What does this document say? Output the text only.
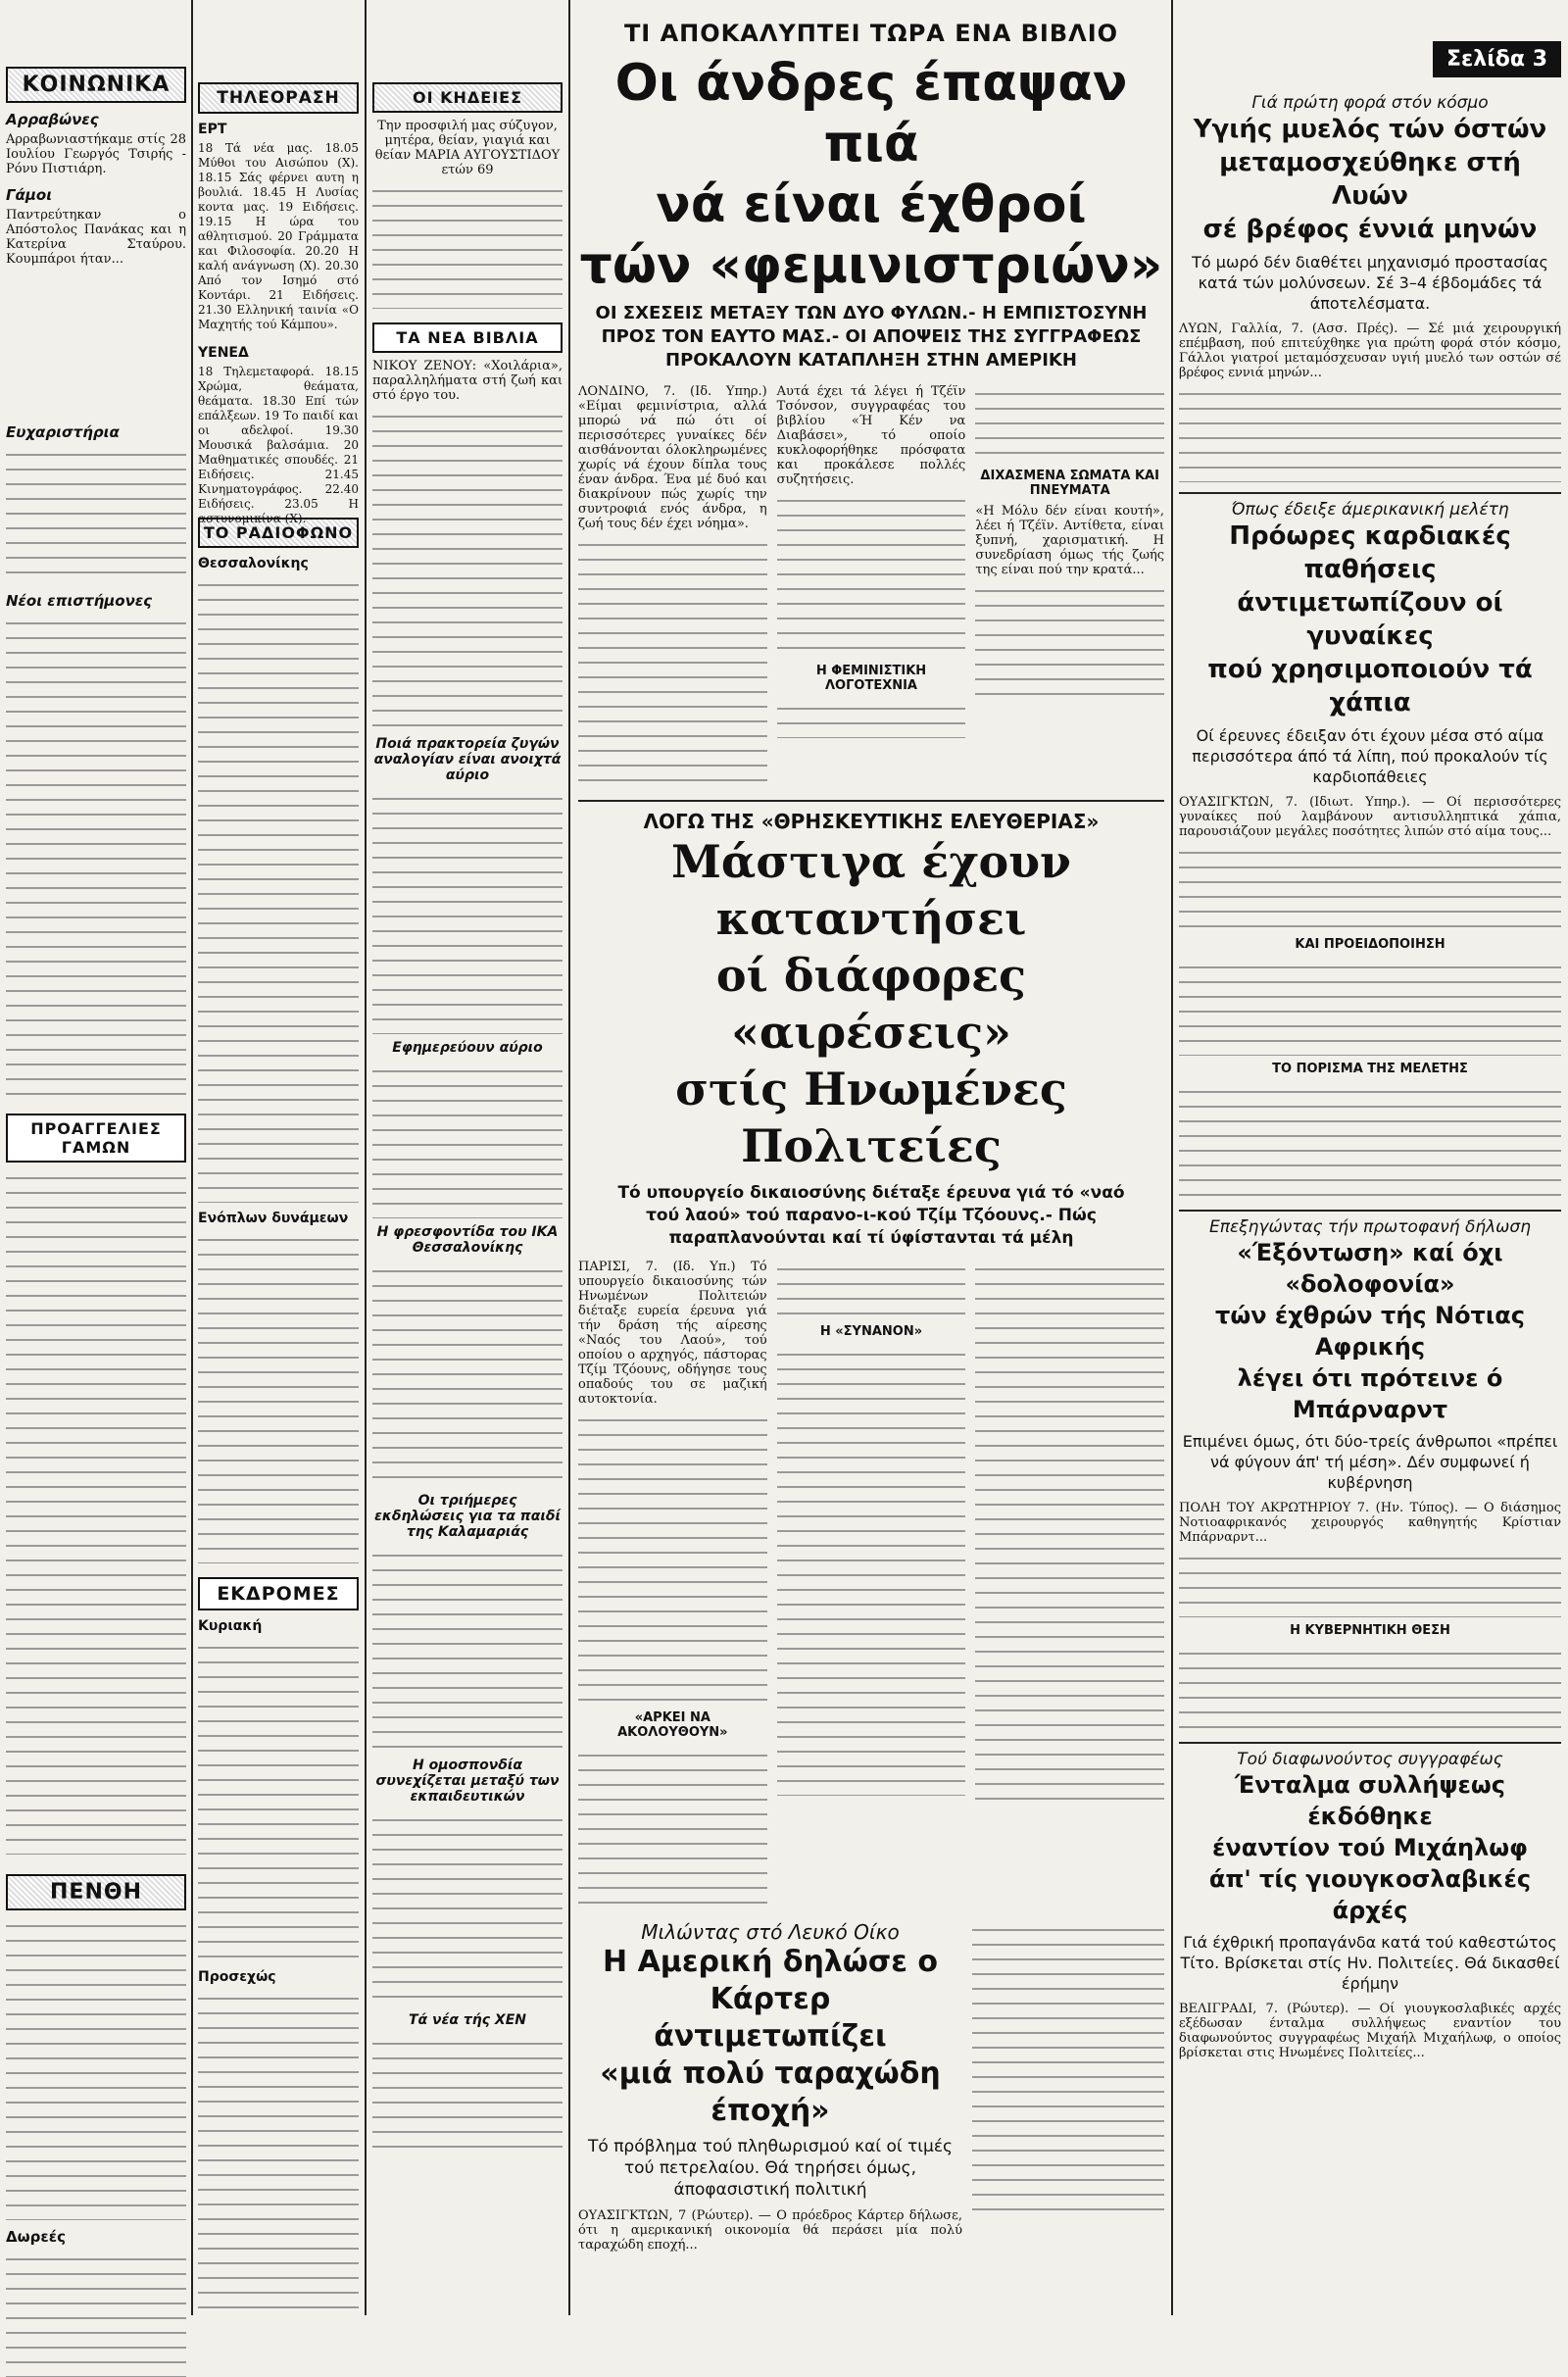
ΚΟΙΝΩΝΙΚΑ
Αρραβώνες
Αρραβωνιαστήκαμε στίς 28 Ιουλίου Γεωργός Τσιρής - Ρόνυ Πιστιάρη.
Γάμοι
Παντρεύτηκαν ο Απόστολος Πανάκας και η Κατερίνα Σταύρου. Κουμπάροι ήταν...
Ευχαριστήρια
Νέοι επιστήμονες
ΠΡΟΑΓΓΕΛΙΕΣ ΓΑΜΩΝ
ΠΕΝΘΗ
Δωρεές
ΤΗΛΕΟΡΑΣΗ
ΕΡΤ
18 Τά νέα μας. 18.05 Μύθοι του Αισώπου (Χ). 18.15 Σάς φέρνει αυτη η βουλιά. 18.45 Η Λυσίας κοντα μας. 19 Ειδήσεις. 19.15 Η ώρα του αθλητισμού. 20 Γράμματα και Φιλοσοφία. 20.20 Η καλή ανάγνωση (Χ). 20.30 Από τον Ισημό στό Κοντάρι. 21 Ειδήσεις. 21.30 Ελληνική ταινία «Ο Μαχητής τού Κάμπου».
ΥΕΝΕΔ
18 Τηλεμεταφορά. 18.15 Χρώμα, θεάματα, θεάματα. 18.30 Επί τών επάλξεων. 19 Το παιδί και οι αδελφοί. 19.30 Μουσικά βαλσάμια. 20 Μαθηματικές σπουδές. 21 Ειδήσεις. 21.45 Κινηματογράφος. 22.40 Ειδήσεις. 23.05 Η αστυνομικίνα (Χ).
ΤΟ ΡΑΔΙΟΦΩΝΟ
Θεσσαλονίκης
Ενόπλων δυνάμεων
ΕΚΔΡΟΜΕΣ
Κυριακή
Προσεχώς
ΟΙ ΚΗΔΕΙΕΣ
Την προσφιλή μας σύζυγον, μητέρα, θείαν, γιαγιά και θείαν ΜΑΡΙΑ ΑΥΓΟΥΣΤΙΔΟΥ ετών 69
ΤΑ ΝΕΑ ΒΙΒΛΙΑ
ΝΙΚΟΥ ΖΕΝΟΥ: «Χοιλάρια», παραλληλήματα στή ζωή και στό έργο του.
Ποιά πρακτορεία ζυγών αναλογίαν είναι ανοιχτά αύριο
Εφημερεύουν αύριο
Η φρεσφοντίδα του ΙΚΑ Θεσσαλονίκης
Οι τριήμερες εκδηλώσεις για τα παιδί της Καλαμαριάς
Η ομοσπονδία συνεχίζεται μεταξύ των εκπαιδευτικών
Τά νέα τής ΧΕΝ
ΤΙ ΑΠΟΚΑΛΥΠΤΕΙ ΤΩΡΑ ΕΝΑ ΒΙΒΛΙΟ
Οι άνδρες έπαψαν πιά
νά είναι έχθροί
τών «φεμινιστριών»
ΟΙ ΣΧΕΣΕΙΣ ΜΕΤΑΞΥ ΤΩΝ ΔΥΟ ΦΥΛΩΝ.- Η ΕΜΠΙΣΤΟΣΥΝΗ ΠΡΟΣ ΤΟΝ ΕΑΥΤΟ ΜΑΣ.- ΟΙ ΑΠΟΨΕΙΣ ΤΗΣ ΣΥΓΓΡΑΦΕΩΣ ΠΡΟΚΑΛΟΥΝ ΚΑΤΑΠΛΗΞΗ ΣΤΗΝ ΑΜΕΡΙΚΗ
ΛΟΝΔΙΝΟ, 7. (Ιδ. Υπηρ.) «Είμαι φεμινίστρια, αλλά μπορώ νά πώ ότι οί περισσότερες γυναίκες δέν αισθάνονται όλοκληρωμένες χωρίς νά έχουν δίπλα τους έναν άνδρα. Ένα μέ δυό και διακρίνουν πώς χωρίς την συντροφιά ενός άνδρα, η ζωή τους δέν έχει νόημα».
Αυτά έχει τά λέγει ή Τζέϊν Τσόνσον, συγγραφέας του βιβλίου «Ή Κέν να Διαβάσει», τό οποίο κυκλοφορήθηκε πρόσφατα και προκάλεσε πολλές συζητήσεις.
Η ΦΕΜΙΝΙΣΤΙΚΗ ΛΟΓΟΤΕΧΝΙΑ
ΔΙΧΑΣΜΕΝΑ ΣΩΜΑΤΑ ΚΑΙ ΠΝΕΥΜΑΤΑ
«Η Μόλυ δέν είναι κουτή», λέει ή Τζέϊν. Αντίθετα, είναι ξυπνή, χαρισματική. Η συνεδρίαση όμως τής ζωής της είναι πού την κρατά...
ΛΟΓΩ ΤΗΣ «ΘΡΗΣΚΕΥΤΙΚΗΣ ΕΛΕΥΘΕΡΙΑΣ»
Μάστιγα έχουν καταντήσει
οί διάφορες «αιρέσεις»
στίς Ηνωμένες Πολιτείες
Τό υπουργείο δικαιοσύνης διέταξε έρευνα γιά τό «ναό τού λαού» τού παρανο-ι-κού Τζίμ Τζόουνς.- Πώς παραπλανούνται καί τί ύφίστανται τά μέλη
ΠΑΡΙΣΙ, 7. (Ιδ. Υπ.) Τό υπουργείο δικαιοσύνης τών Ηνωμένων Πολιτειών διέταξε ευρεία έρευνα γιά τήν δράση τής αίρεσης «Ναός του Λαού», τού οποίου ο αρχηγός, πάστορας Τζίμ Τζόουνς, οδήγησε τους οπαδούς του σε μαζική αυτοκτονία.
«ΑΡΚΕΙ ΝΑ ΑΚΟΛΟΥΘΟΥΝ»
Η «ΣΥΝΑΝΟΝ»
Μιλώντας στό Λευκό Οίκο
Η Αμερική δηλώσε ο Κάρτερ
άντιμετωπίζει
«μιά πολύ ταραχώδη έποχή»
Τό πρόβλημα τού πληθωρισμού καί οί τιμές τού πετρελαίου. Θά τηρήσει όμως, άποφασιστική πολιτική
ΟΥΑΣΙΓΚΤΩΝ, 7 (Ρώυτερ). — Ο πρόεδρος Κάρτερ δήλωσε, ότι η αμερικανική οικονομία θά περάσει μία πολύ ταραχώδη εποχή...
Σελίδα 3
Γιά πρώτη φορά στόν κόσμο
Υγιής μυελός τών όστών
μεταμοσχεύθηκε στή Λυών
σέ βρέφος έννιά μηνών
Τό μωρό δέν διαθέτει μηχανισμό προστασίας κατά τών μολύνσεων. Σέ 3–4 έβδομάδες τά άποτελέσματα.
ΛΥΩΝ, Γαλλία, 7. (Ασσ. Πρές). — Σέ μιά χειρουργική επέμβαση, πού επιτεύχθηκε για πρώτη φορά στόν κόσμο, Γάλλοι γιατροί μεταμόσχευσαν υγιή μυελό των οστών σέ βρέφος εννιά μηνών...
Όπως έδειξε άμερικανική μελέτη
Πρόωρες καρδιακές παθήσεις
άντιμετωπίζουν οί γυναίκες
πού χρησιμοποιούν τά χάπια
Οί έρευνες έδειξαν ότι έχουν μέσα στό αίμα περισσότερα άπό τά λίπη, πού προκαλούν τίς καρδιοπάθειες
ΟΥΑΣΙΓΚΤΩΝ, 7. (Ιδιωτ. Υπηρ.). — Οί περισσότερες γυναίκες πού λαμβάνουν αντισυλληπτικά χάπια, παρουσιάζουν μεγάλες ποσότητες λιπών στό αίμα τους...
ΚΑΙ ΠΡΟΕΙΔΟΠΟΙΗΣΗ
ΤΟ ΠΟΡΙΣΜΑ ΤΗΣ ΜΕΛΕΤΗΣ
Επεξηγώντας τήν πρωτοφανή δήλωση
«Έξόντωση» καί όχι «δολοφονία»
τών έχθρών τής Νότιας Αφρικής
λέγει ότι πρότεινε ό Μπάρναρντ
Επιμένει όμως, ότι δύο-τρείς άνθρωποι «πρέπει νά φύγουν άπ' τή μέση». Δέν συμφωνεί ή κυβέρνηση
ΠΟΛΗ ΤΟΥ ΑΚΡΩΤΗΡΙΟΥ 7. (Ην. Τύπος). — Ο διάσημος Νοτιοαφρικανός χειρουργός καθηγητής Κρίστιαν Μπάρναρντ...
Η ΚΥΒΕΡΝΗΤΙΚΗ ΘΕΣΗ
Τού διαφωνούντος συγγραφέως
Ένταλμα συλλήψεως έκδόθηκε
έναντίον τού Μιχάηλωφ
άπ' τίς γιουγκοσλαβικές άρχές
Γιά έχθρική προπαγάνδα κατά τού καθεστώτος Τίτο. Βρίσκεται στίς Ην. Πολιτείες. Θά δικασθεί έρήμην
ΒΕΛΙΓΡΑΔΙ, 7. (Ρώυτερ). — Οί γιουγκοσλαβικές αρχές εξέδωσαν ένταλμα συλλήψεως εναντίον του διαφωνούντος συγγραφέως Μιχαήλ Μιχαήλωφ, ο οποίος βρίσκεται στις Ηνωμένες Πολιτείες...
